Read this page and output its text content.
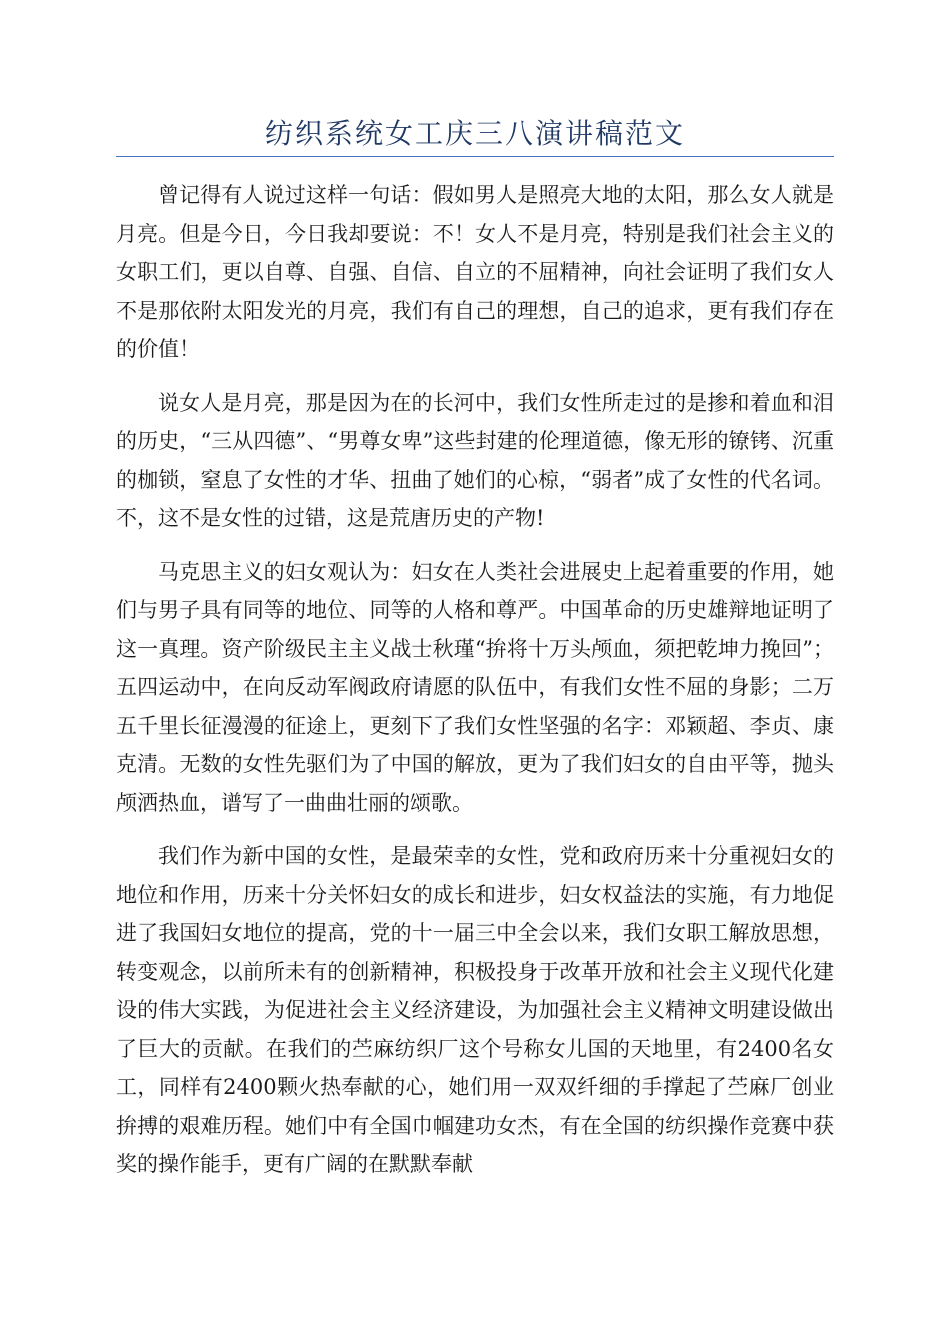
纺织系统女工庆三八演讲稿范文

曾记得有人说过这样一句话：假如男人是照亮大地的太阳，那么女人就是月亮。但是今日，今日我却要说：不！女人不是月亮，特别是我们社会主义的女职工们，更以自尊、自强、自信、自立的不屈精神，向社会证明了我们女人不是那依附太阳发光的月亮，我们有自己的理想，自己的追求，更有我们存在的价值！

说女人是月亮，那是因为在的长河中，我们女性所走过的是掺和着血和泪的历史，“三从四德”、“男尊女卑”这些封建的伦理道德，像无形的镣铐、沉重的枷锁，窒息了女性的才华、扭曲了她们的心椋，“弱者”成了女性的代名词。不，这不是女性的过错，这是荒唐历史的产物!

马克思主义的妇女观认为：妇女在人类社会进展史上起着重要的作用，她们与男子具有同等的地位、同等的人格和尊严。中国革命的历史雄辩地证明了这一真理。资产阶级民主主义战士秋瑾“拚将十万头颅血，须把乾坤力挽回”；五四运动中，在向反动军阀政府请愿的队伍中，有我们女性不屈的身影；二万五千里长征漫漫的征途上，更刻下了我们女性坚强的名字：邓颖超、李贞、康克清。无数的女性先驱们为了中国的解放，更为了我们妇女的自由平等，抛头颅洒热血，谱写了一曲曲壮丽的颂歌。

我们作为新中国的女性，是最荣幸的女性，党和政府历来十分重视妇女的地位和作用，历来十分关怀妇女的成长和进步，妇女权益法的实施，有力地促进了我国妇女地位的提高，党的十一届三中全会以来，我们女职工解放思想，转变观念，以前所未有的创新精神，积极投身于改革开放和社会主义现代化建设的伟大实践，为促进社会主义经济建设，为加强社会主义精神文明建设做出了巨大的贡献。在我们的苎麻纺织厂这个号称女儿国的天地里，有2400名女工，同样有2400颗火热奉献的心，她们用一双双纤细的手撑起了苎麻厂创业拚搏的艰难历程。她们中有全国巾帼建功女杰，有在全国的纺织操作竞赛中获奖的操作能手，更有广阔的在默默奉献
